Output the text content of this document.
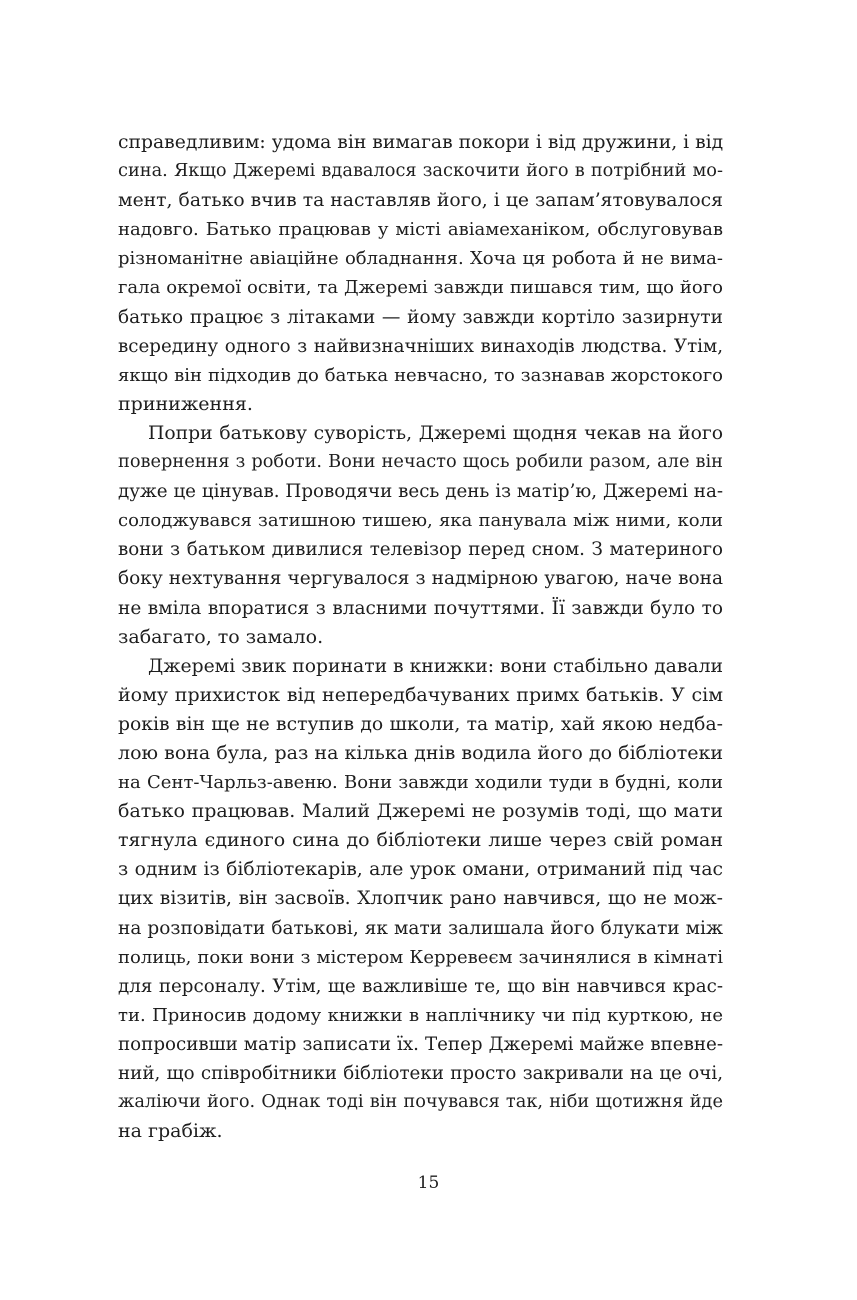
справедливим: удома він вимагав покори і від дружини, і від
сина. Якщо Джеремі вдавалося заскочити його в потрібний мо-
мент, батько вчив та наставляв його, і це запам’ятовувалося
надовго. Батько працював у місті авіамеханіком, обслуговував
різноманітне авіаційне обладнання. Хоча ця робота й не вима-
гала окремої освіти, та Джеремі завжди пишався тим, що його
батько працює з літаками — йому завжди кортіло зазирнути
всередину одного з найвизначніших винаходів людства. Утім,
якщо він підходив до батька невчасно, то зазнавав жорстокого
приниження.
Попри батькову суворість, Джеремі щодня чекав на його
повернення з роботи. Вони нечасто щось робили разом, але він
дуже це цінував. Проводячи весь день із матір’ю, Джеремі на-
солоджувався затишною тишею, яка панувала між ними, коли
вони з батьком дивилися телевізор перед сном. З материного
боку нехтування чергувалося з надмірною увагою, наче вона
не вміла впоратися з власними почуттями. Її завжди було то
забагато, то замало.
Джеремі звик поринати в книжки: вони стабільно давали
йому прихисток від непередбачуваних примх батьків. У сім
років він ще не вступив до школи, та матір, хай якою недба-
лою вона була, раз на кілька днів водила його до бібліотеки
на Сент-Чарльз-авеню. Вони завжди ходили туди в будні, коли
батько працював. Малий Джеремі не розумів тоді, що мати
тягнула єдиного сина до бібліотеки лише через свій роман
з одним із бібліотекарів, але урок омани, отриманий під час
цих візитів, він засвоїв. Хлопчик рано навчився, що не мож-
на розповідати батькові, як мати залишала його блукати між
полиць, поки вони з містером Керревеєм зачинялися в кімнаті
для персоналу. Утім, ще важливіше те, що він навчився крас-
ти. Приносив додому книжки в наплічнику чи під курткою, не
попросивши матір записати їх. Тепер Джеремі майже впевне-
ний, що співробітники бібліотеки просто закривали на це очі,
жаліючи його. Однак тоді він почувався так, ніби щотижня йде
на грабіж.
15
